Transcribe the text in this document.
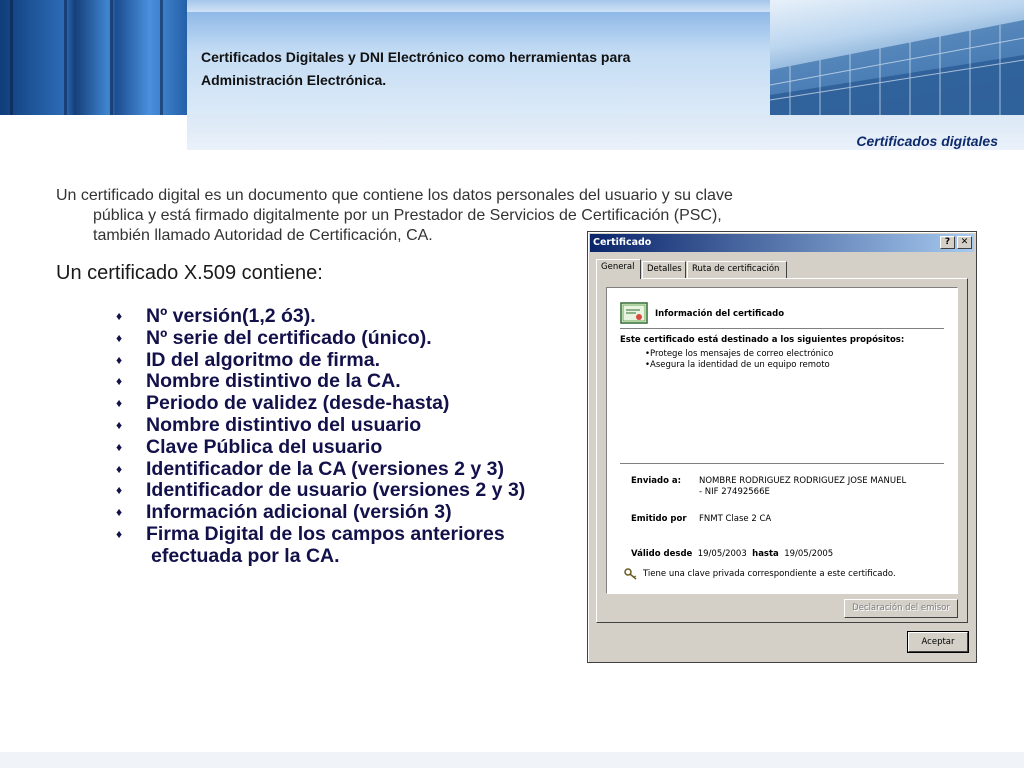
Certificados Digitales y DNI Electrónico como herramientas para
Administración Electrónica.
Certificados digitales
Un certificado digital es un documento que contiene los datos personales del usuario y su clave
pública y está firmado digitalmente por un Prestador de Servicios de Certificación (PSC),
también llamado Autoridad de Certificación, CA.
Un certificado X.509 contiene:
♦ Nº versión(1,2 ó3).
♦ Nº serie del certificado (único).
♦ ID del algoritmo de firma.
♦ Nombre distintivo de la CA.
♦ Periodo de validez (desde-hasta)
♦ Nombre distintivo del usuario
♦ Clave Pública del usuario
♦ Identificador de la CA (versiones 2 y 3)
♦ Identificador de usuario (versiones 2 y 3)
♦ Información adicional (versión 3)
♦ Firma Digital de los campos anteriores
efectuada por la CA.
Certificado	?	✕
General	Detalles	Ruta de certificación
Información del certificado
Este certificado está destinado a los siguientes propósitos:
•Protege los mensajes de correo electrónico
•Asegura la identidad de un equipo remoto
Enviado a: NOMBRE RODRIGUEZ RODRIGUEZ JOSE MANUEL
- NIF 27492566E
Emitido por FNMT Clase 2 CA
Válido desde 19/05/2003 hasta 19/05/2005
Tiene una clave privada correspondiente a este certificado.
Declaración del emisor
Aceptar
